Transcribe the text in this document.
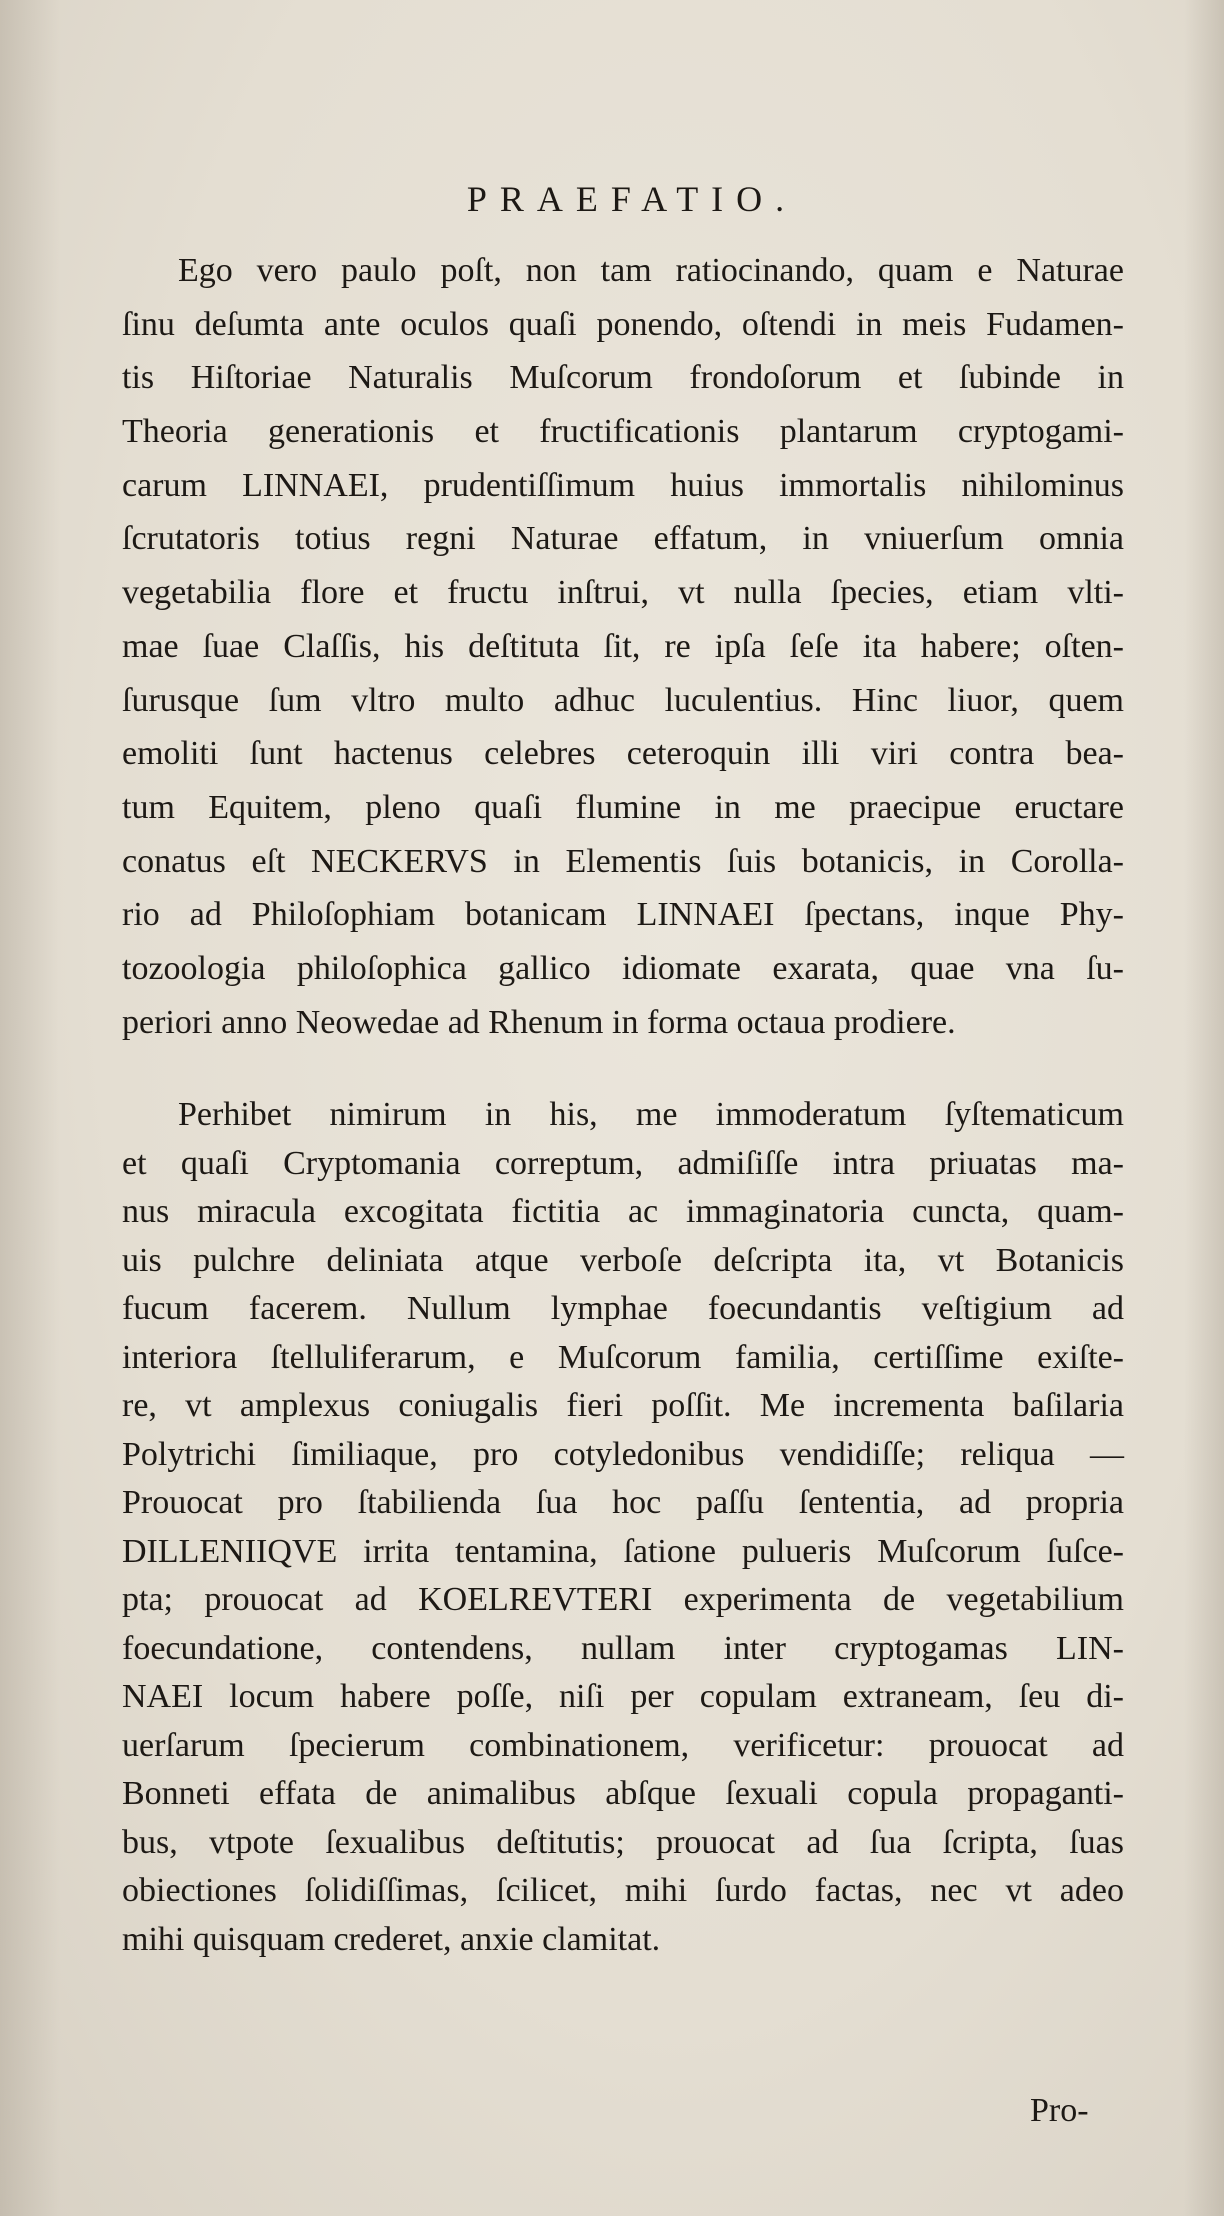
PRAEFATIO.
Ego vero paulo poſt, non tam ratiocinando, quam e Naturae
ſinu deſumta ante oculos quaſi ponendo, oſtendi in meis Fudamen-
tis Hiſtoriae Naturalis Muſcorum frondoſorum et ſubinde in
Theoria generationis et fructificationis plantarum cryptogami-
carum LINNAEI, prudentiſſimum huius immortalis nihilominus
ſcrutatoris totius regni Naturae effatum, in vniuerſum omnia
vegetabilia flore et fructu inſtrui, vt nulla ſpecies, etiam vlti-
mae ſuae Claſſis, his deſtituta ſit, re ipſa ſeſe ita habere; oſten-
ſurusque ſum vltro multo adhuc luculentius. Hinc liuor, quem
emoliti ſunt hactenus celebres ceteroquin illi viri contra bea-
tum Equitem, pleno quaſi flumine in me praecipue eructare
conatus eſt NECKERVS in Elementis ſuis botanicis, in Corolla-
rio ad Philoſophiam botanicam LINNAEI ſpectans, inque Phy-
tozoologia philoſophica gallico idiomate exarata, quae vna ſu-
periori anno Neowedae ad Rhenum in forma octaua prodiere.
Perhibet nimirum in his, me immoderatum ſyſtematicum
et quaſi Cryptomania correptum, admiſiſſe intra priuatas ma-
nus miracula excogitata fictitia ac immaginatoria cuncta, quam-
uis pulchre deliniata atque verboſe deſcripta ita, vt Botanicis
fucum facerem. Nullum lymphae foecundantis veſtigium ad
interiora ſtelluliferarum, e Muſcorum familia, certiſſime exiſte-
re, vt amplexus coniugalis fieri poſſit. Me incrementa baſilaria
Polytrichi ſimiliaque, pro cotyledonibus vendidiſſe; reliqua —
Prouocat pro ſtabilienda ſua hoc paſſu ſententia, ad propria
DILLENIIQVE irrita tentamina, ſatione pulueris Muſcorum ſuſce-
pta; prouocat ad KOELREVTERI experimenta de vegetabilium
foecundatione, contendens, nullam inter cryptogamas LIN-
NAEI locum habere poſſe, niſi per copulam extraneam, ſeu di-
uerſarum ſpecierum combinationem, verificetur: prouocat ad
Bonneti effata de animalibus abſque ſexuali copula propaganti-
bus, vtpote ſexualibus deſtitutis; prouocat ad ſua ſcripta, ſuas
obiectiones ſolidiſſimas, ſcilicet, mihi ſurdo factas, nec vt adeo
mihi quisquam crederet, anxie clamitat.
Pro-
